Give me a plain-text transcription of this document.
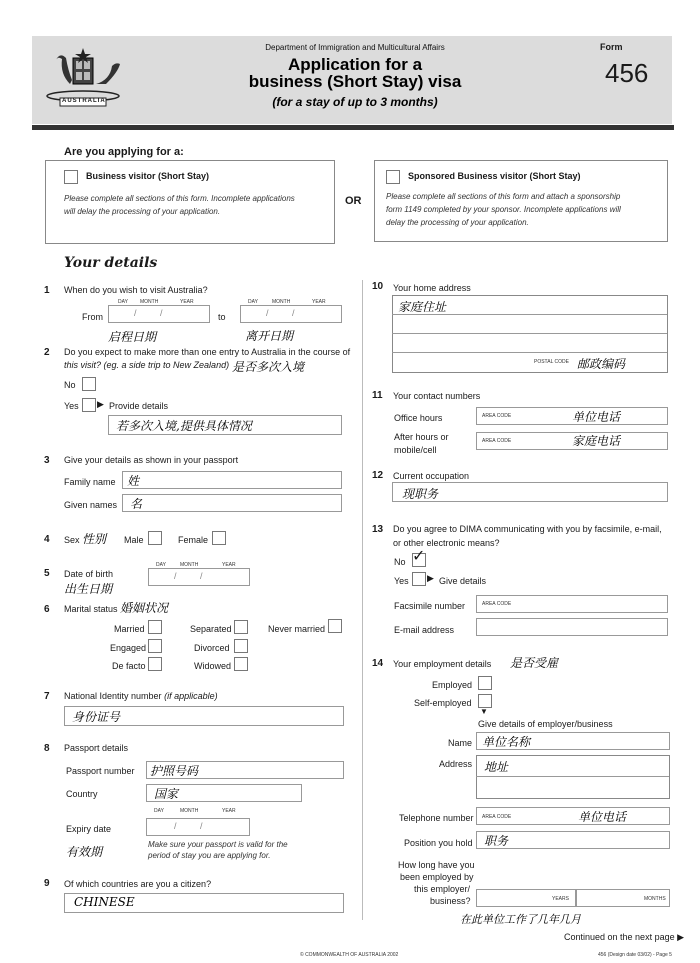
AUSTRALIA
Department of Immigration and Multicultural Affairs
Application for a
business (Short Stay) visa
(for a stay of up to 3 months)
Form
456
Are you applying for a:
Business visitor (Short Stay)
Please complete all sections of this form. Incomplete applications
will delay the processing of your application.
OR
Sponsored Business visitor (Short Stay)
Please complete all sections of this form and attach a sponsorship
form 1149 completed by your sponsor. Incomplete applications will
delay the processing of your application.
Your details
1 When do you wish to visit Australia?
DAY MONTH	YEAR
From	/	/	to
DAY	MONTH	YEAR
/	/
启程日期	离开日期
2 Do you expect to make more than one entry to Australia in the course of
this visit? (eg. a side trip to New Zealand) 是否多次入境
No
Yes ▶ Provide details
若多次入境,提供具体情况
3 Give your details as shown in your passport
Family name 姓
Given names 名
4 Sex 性别 Male	Female
5 Date of birth
出生日期
DAY	MONTH	YEAR
/	/
6 Marital status 婚姻状况
Married	Separated	Never married
Engaged	Divorced
De facto	Widowed
7 National Identity number (if applicable)
身份证号
8 Passport details
Passport number 护照号码
Country	国家
DAY	MONTH	YEAR
Expiry date	/	/
有效期
Make sure your passport is valid for the
period of stay you are applying for.
9 Of which countries are you a citizen?
CHINESE
10 Your home address
家庭住址
POSTAL CODE 邮政编码
11 Your contact numbers
Office hours	AREA CODE	单位电话
After hours or
mobile/cell
AREA CODE	家庭电话
12 Current occupation
现职务
13 Do you agree to DIMA communicating with you by facsimile, e-mail,
or other electronic means?
No ✓
Yes ▶ Give details
Facsimile number	AREA CODE
E-mail address
14 Your employment details 是否受雇
Employed
Self-employed
▼
Give details of employer/business
Name 单位名称
Address 地址
Telephone number AREA CODE	单位电话
Position you hold 职务
How long have you
been employed by
this employer/
business?	YEARS	MONTHS
在此单位工作了几年几月
Continued on the next page ▶
© COMMONWEALTH OF AUSTRALIA 2002	456 (Design date 03/02) - Page 5
